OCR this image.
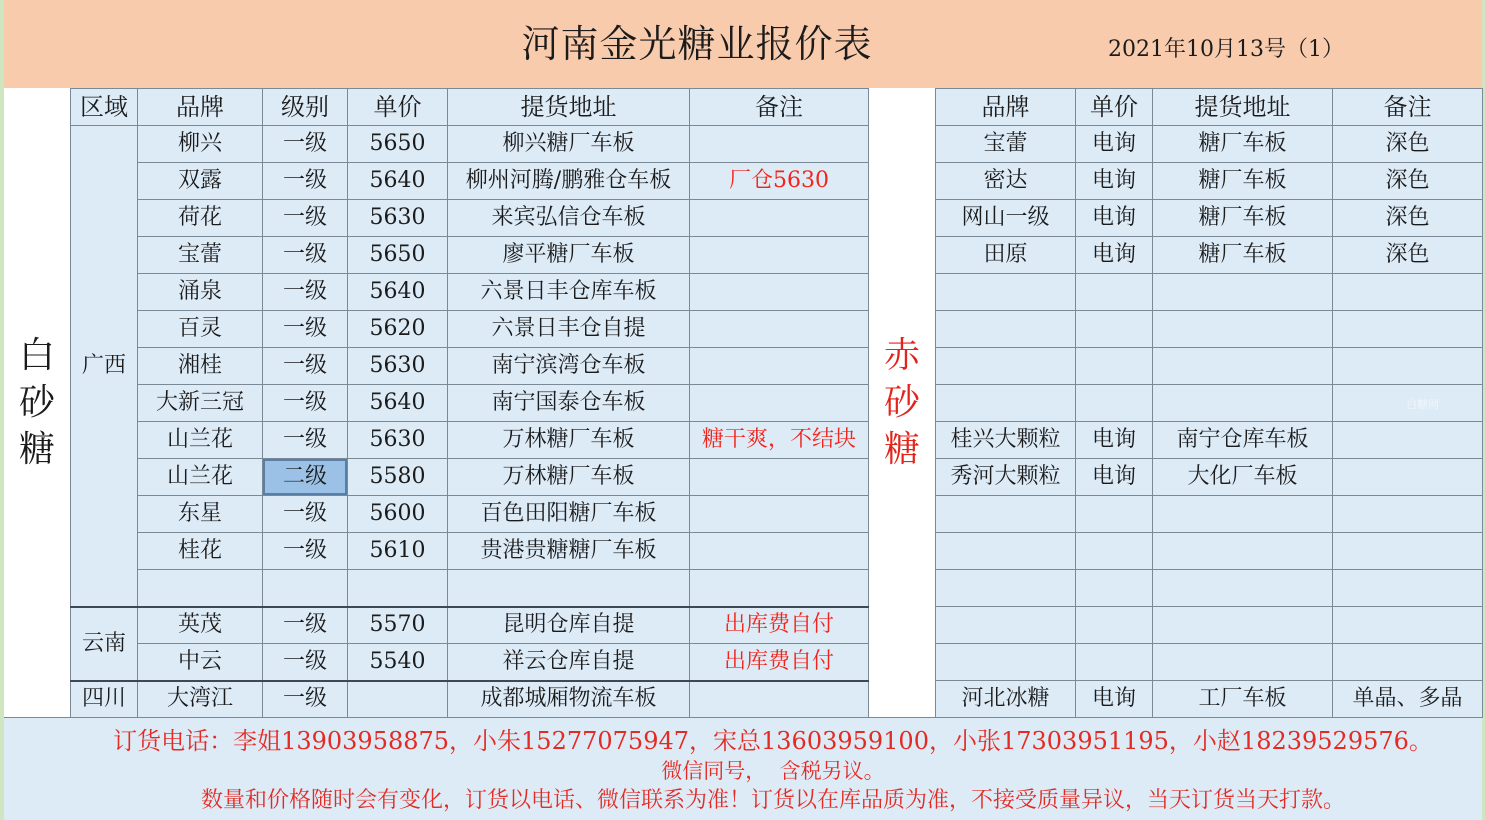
河南金光糖业报价表	2021年10月13号（1）
白砂糖
区域	品牌	级别	单价	提货地址	备注
广西	柳兴	一级	5650	柳兴糖厂车板	
	双露	一级	5640	柳州河腾/鹏雅仓车板	厂仓5630
	荷花	一级	5630	来宾弘信仓车板	
	宝蕾	一级	5650	廖平糖厂车板	
	涌泉	一级	5640	六景日丰仓库车板	
	百灵	一级	5620	六景日丰仓自提	
	湘桂	一级	5630	南宁滨湾仓车板	
	大新三冠	一级	5640	南宁国泰仓车板	
	山兰花	一级	5630	万林糖厂车板	糖干爽，不结块
	山兰花	二级	5580	万林糖厂车板	
	东星	一级	5600	百色田阳糖厂车板	
	桂花	一级	5610	贵港贵糖糖厂车板	

云南	英茂	一级	5570	昆明仓库自提	出库费自付
	中云	一级	5540	祥云仓库自提	出库费自付
四川	大湾江	一级		成都城厢物流车板	
赤砂糖
品牌	单价	提货地址	备注
宝蕾	电询	糖厂车板	深色
密达	电询	糖厂车板	深色
网山一级	电询	糖厂车板	深色
田原	电询	糖厂车板	深色

桂兴大颗粒	电询	南宁仓库车板	
秀河大颗粒	电询	大化厂车板	

河北冰糖	电询	工厂车板	单晶、多晶
白糖网
订货电话：李姐13903958875，小朱15277075947，宋总13603959100，小张17303951195，小赵18239529576。
微信同号，  含税另议。
数量和价格随时会有变化，订货以电话、微信联系为准！订货以在库品质为准，不接受质量异议，当天订货当天打款。
